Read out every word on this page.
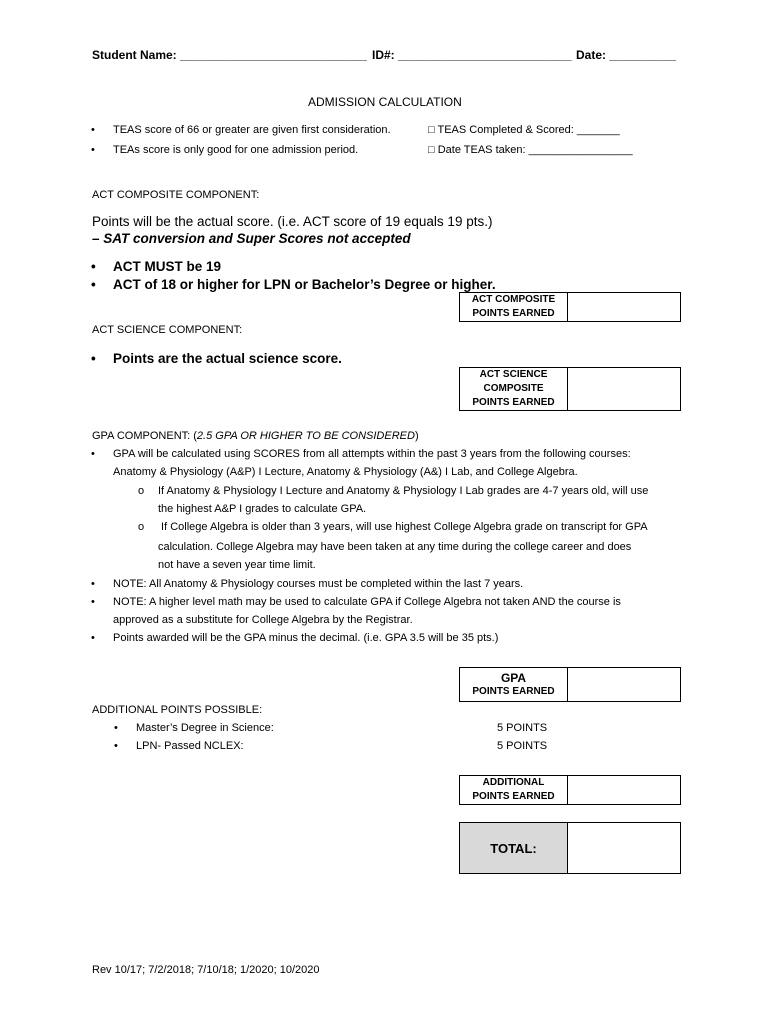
Student Name: ____________________________ ID#: __________________________ Date: __________
ADMISSION CALCULATION
• TEAS score of 66 or greater are given first consideration.
• TEAs score is only good for one admission period.
□ TEAS Completed & Scored: _______
□ Date TEAS taken: _________________
ACT COMPOSITE COMPONENT:
Points will be the actual score. (i.e. ACT score of 19 equals 19 pts.)
– SAT conversion and Super Scores not accepted
• ACT MUST be 19
• ACT of 18 or higher for LPN or Bachelor’s Degree or higher.
ACT COMPOSITE
POINTS EARNED

ACT SCIENCE COMPONENT:
• Points are the actual science score.
ACT SCIENCE
COMPOSITE
POINTS EARNED

GPA COMPONENT: (2.5 GPA OR HIGHER TO BE CONSIDERED)
• GPA will be calculated using SCORES from all attempts within the past 3 years from the following courses:
Anatomy & Physiology (A&P) I Lecture, Anatomy & Physiology (A&) I Lab, and College Algebra.
o If Anatomy & Physiology I Lecture and Anatomy & Physiology I Lab grades are 4-7 years old, will use
the highest A&P I grades to calculate GPA.
o  If College Algebra is older than 3 years, will use highest College Algebra grade on transcript for GPA
calculation. College Algebra may have been taken at any time during the college career and does
not have a seven year time limit.
• NOTE: All Anatomy & Physiology courses must be completed within the last 7 years.
• NOTE: A higher level math may be used to calculate GPA if College Algebra not taken AND the course is
approved as a substitute for College Algebra by the Registrar.
• Points awarded will be the GPA minus the decimal. (i.e. GPA 3.5 will be 35 pts.)
GPA
POINTS EARNED

ADDITIONAL POINTS POSSIBLE:
• Master’s Degree in Science:	5 POINTS
• LPN- Passed NCLEX:	5 POINTS
ADDITIONAL
POINTS EARNED

TOTAL:	
Rev 10/17; 7/2/2018; 7/10/18; 1/2020; 10/2020
